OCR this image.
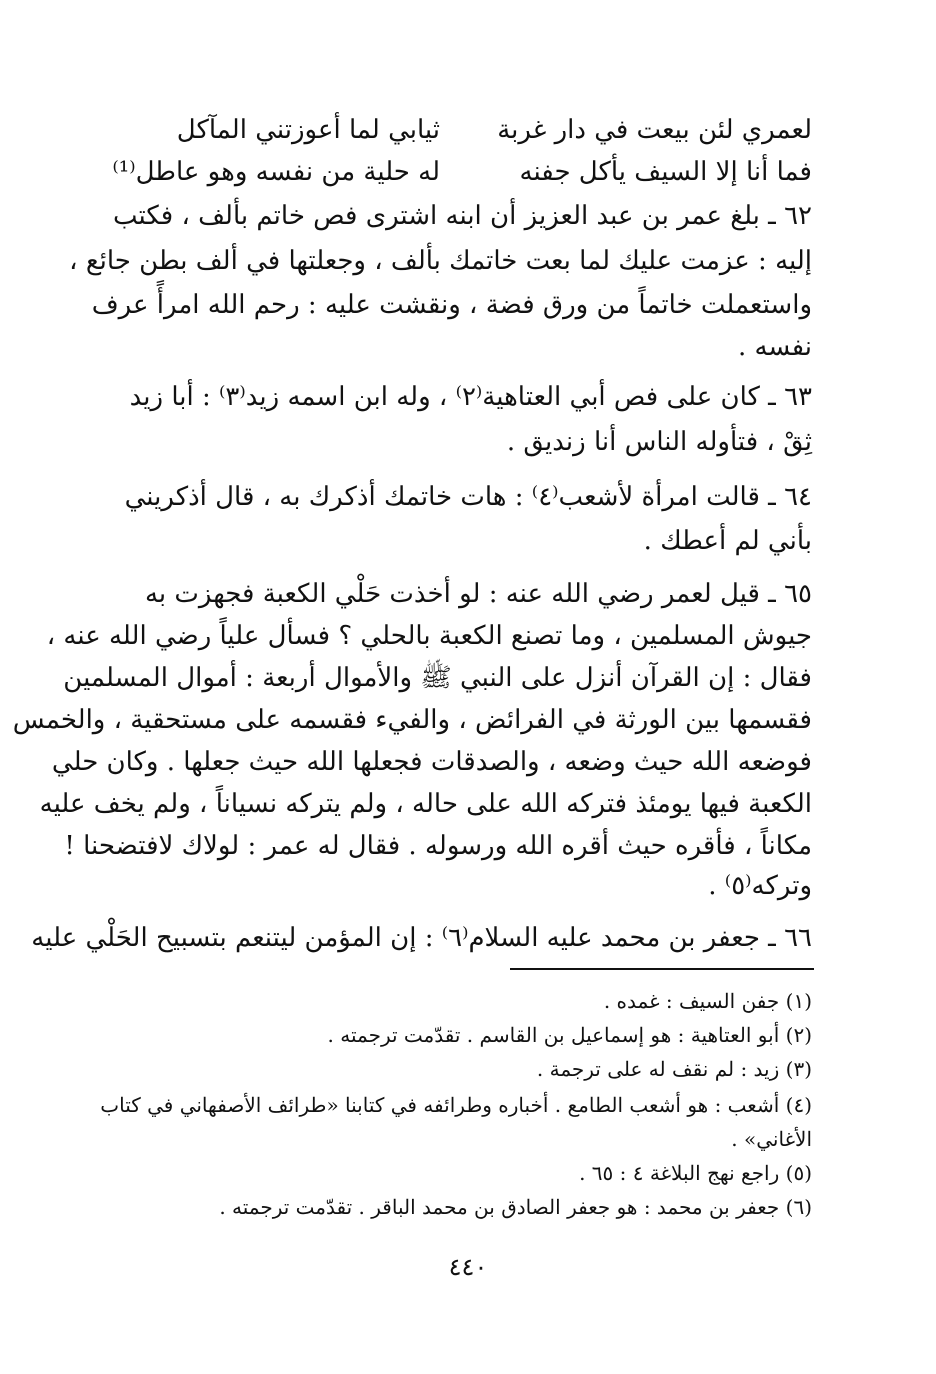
لعمري لئن بيعت في دار غربة
ثيابي لما أعوزتني المآكل
فما أنا إلا السيف يأكل جفنه
له حلية من نفسه وهو عاطل⁽¹⁾
٦٢ ـ بلغ عمر بن عبد العزيز أن ابنه اشترى فص خاتم بألف ، فكتب
إليه : عزمت عليك لما بعت خاتمك بألف ، وجعلتها في ألف بطن جائع ،
واستعملت خاتماً من ورق فضة ، ونقشت عليه : رحم الله امرأً عرف
نفسه .
٦٣ ـ كان على فص أبي العتاهية⁽٢⁾ ، وله ابن اسمه زيد⁽٣⁾ : أبا زيد
ثِقْ ، فتأوله الناس أنا زنديق .
٦٤ ـ قالت امرأة لأشعب⁽٤⁾ : هات خاتمك أذكرك به ، قال أذكريني
بأني لم أعطك .
٦٥ ـ قيل لعمر رضي الله عنه : لو أخذت حَلْي الكعبة فجهزت به
جيوش المسلمين ، وما تصنع الكعبة بالحلي ؟ فسأل علياً رضي الله عنه ،
فقال : إن القرآن أنزل على النبي ﷺ والأموال أربعة : أموال المسلمين
فقسمها بين الورثة في الفرائض ، والفيء فقسمه على مستحقية ، والخمس
فوضعه الله حيث وضعه ، والصدقات فجعلها الله حيث جعلها . وكان حلي
الكعبة فيها يومئذ فتركه الله على حاله ، ولم يتركه نسياناً ، ولم يخف عليه
مكاناً ، فأقره حيث أقره الله ورسوله . فقال له عمر : لولاك لافتضحنا !
وتركه⁽٥⁾ .
٦٦ ـ جعفر بن محمد عليه السلام⁽٦⁾ : إن المؤمن ليتنعم بتسبيح الحَلْي عليه
(١) جفن السيف : غمده .
(٢) أبو العتاهية : هو إسماعيل بن القاسم . تقدّمت ترجمته .
(٣) زيد : لم نقف له على ترجمة .
(٤) أشعب : هو أشعب الطامع . أخباره وطرائفه في كتابنا «طرائف الأصفهاني في كتاب
الأغاني» .
(٥) راجع نهج البلاغة ٤ : ٦٥ .
(٦) جعفر بن محمد : هو جعفر الصادق بن محمد الباقر . تقدّمت ترجمته .
٤٤٠
